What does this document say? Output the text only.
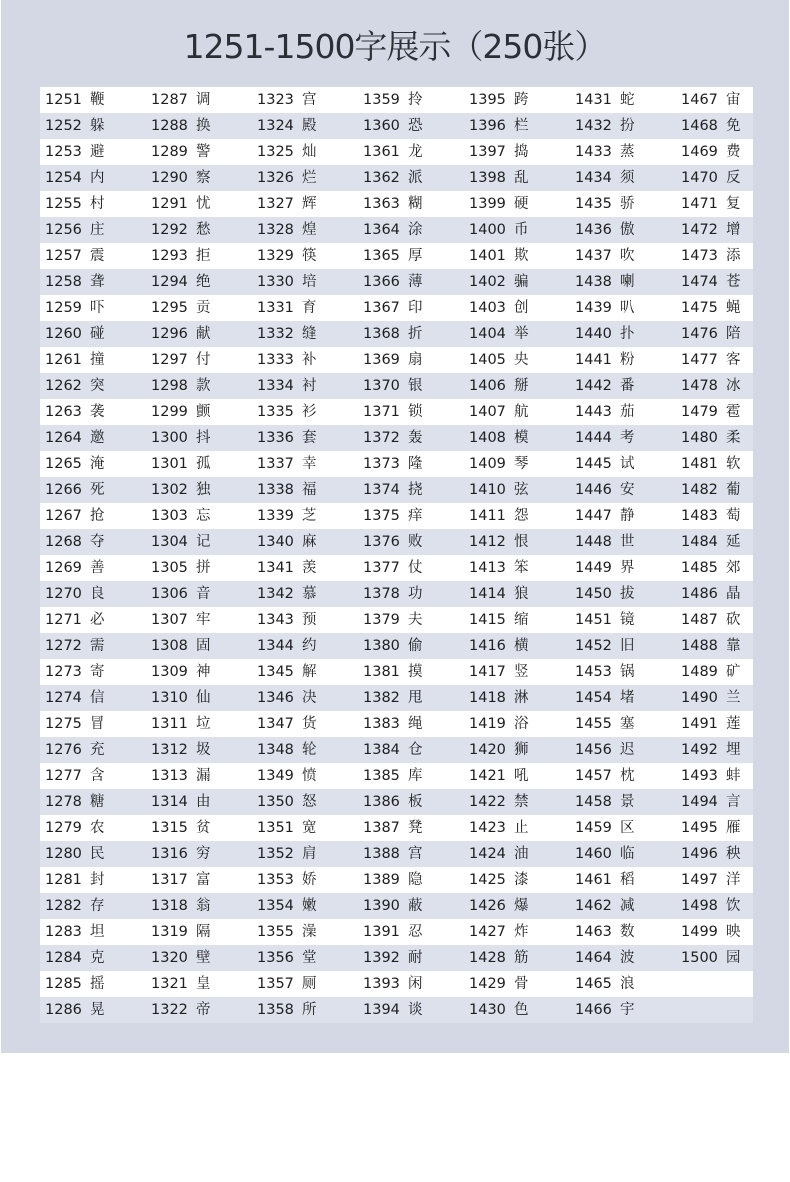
1251-1500字展示（250张）
1251 鞭	1287 调	1323 宫	1359 拎	1395 跨	1431 蛇	1467 宙
1252 躲	1288 换	1324 殿	1360 恐	1396 栏	1432 扮	1468 免
1253 避	1289 警	1325 灿	1361 龙	1397 捣	1433 蒸	1469 费
1254 内	1290 察	1326 烂	1362 派	1398 乱	1434 须	1470 反
1255 村	1291 忧	1327 辉	1363 糊	1399 硬	1435 骄	1471 复
1256 庄	1292 愁	1328 煌	1364 涂	1400 币	1436 傲	1472 增
1257 震	1293 拒	1329 筷	1365 厚	1401 欺	1437 吹	1473 添
1258 聋	1294 绝	1330 培	1366 薄	1402 骗	1438 喇	1474 苍
1259 吓	1295 贡	1331 育	1367 印	1403 创	1439 叭	1475 蝇
1260 碰	1296 献	1332 缝	1368 折	1404 举	1440 扑	1476 陪
1261 撞	1297 付	1333 补	1369 扇	1405 央	1441 粉	1477 客
1262 突	1298 款	1334 衬	1370 银	1406 掰	1442 番	1478 冰
1263 袭	1299 颤	1335 衫	1371 锁	1407 航	1443 茄	1479 雹
1264 邀	1300 抖	1336 套	1372 轰	1408 模	1444 考	1480 柔
1265 淹	1301 孤	1337 幸	1373 隆	1409 琴	1445 试	1481 软
1266 死	1302 独	1338 福	1374 挠	1410 弦	1446 安	1482 葡
1267 抢	1303 忘	1339 芝	1375 痒	1411 怨	1447 静	1483 萄
1268 夺	1304 记	1340 麻	1376 败	1412 恨	1448 世	1484 延
1269 善	1305 拼	1341 羡	1377 仗	1413 笨	1449 界	1485 郊
1270 良	1306 音	1342 慕	1378 功	1414 狼	1450 拔	1486 晶
1271 必	1307 牢	1343 预	1379 夫	1415 缩	1451 镜	1487 砍
1272 需	1308 固	1344 约	1380 偷	1416 横	1452 旧	1488 靠
1273 寄	1309 神	1345 解	1381 摸	1417 竖	1453 锅	1489 矿
1274 信	1310 仙	1346 决	1382 甩	1418 淋	1454 堵	1490 兰
1275 冒	1311 垃	1347 货	1383 绳	1419 浴	1455 塞	1491 莲
1276 充	1312 圾	1348 轮	1384 仓	1420 狮	1456 迟	1492 埋
1277 含	1313 漏	1349 愤	1385 库	1421 吼	1457 枕	1493 蚌
1278 糖	1314 由	1350 怒	1386 板	1422 禁	1458 景	1494 言
1279 农	1315 贫	1351 宽	1387 凳	1423 止	1459 区	1495 雁
1280 民	1316 穷	1352 肩	1388 宫	1424 油	1460 临	1496 秧
1281 封	1317 富	1353 娇	1389 隐	1425 漆	1461 稻	1497 洋
1282 存	1318 翁	1354 嫩	1390 蔽	1426 爆	1462 减	1498 饮
1283 坦	1319 隔	1355 澡	1391 忍	1427 炸	1463 数	1499 映
1284 克	1320 壁	1356 堂	1392 耐	1428 筋	1464 波	1500 园
1285 摇	1321 皇	1357 厕	1393 闲	1429 骨	1465 浪
1286 晃	1322 帝	1358 所	1394 谈	1430 色	1466 宇
